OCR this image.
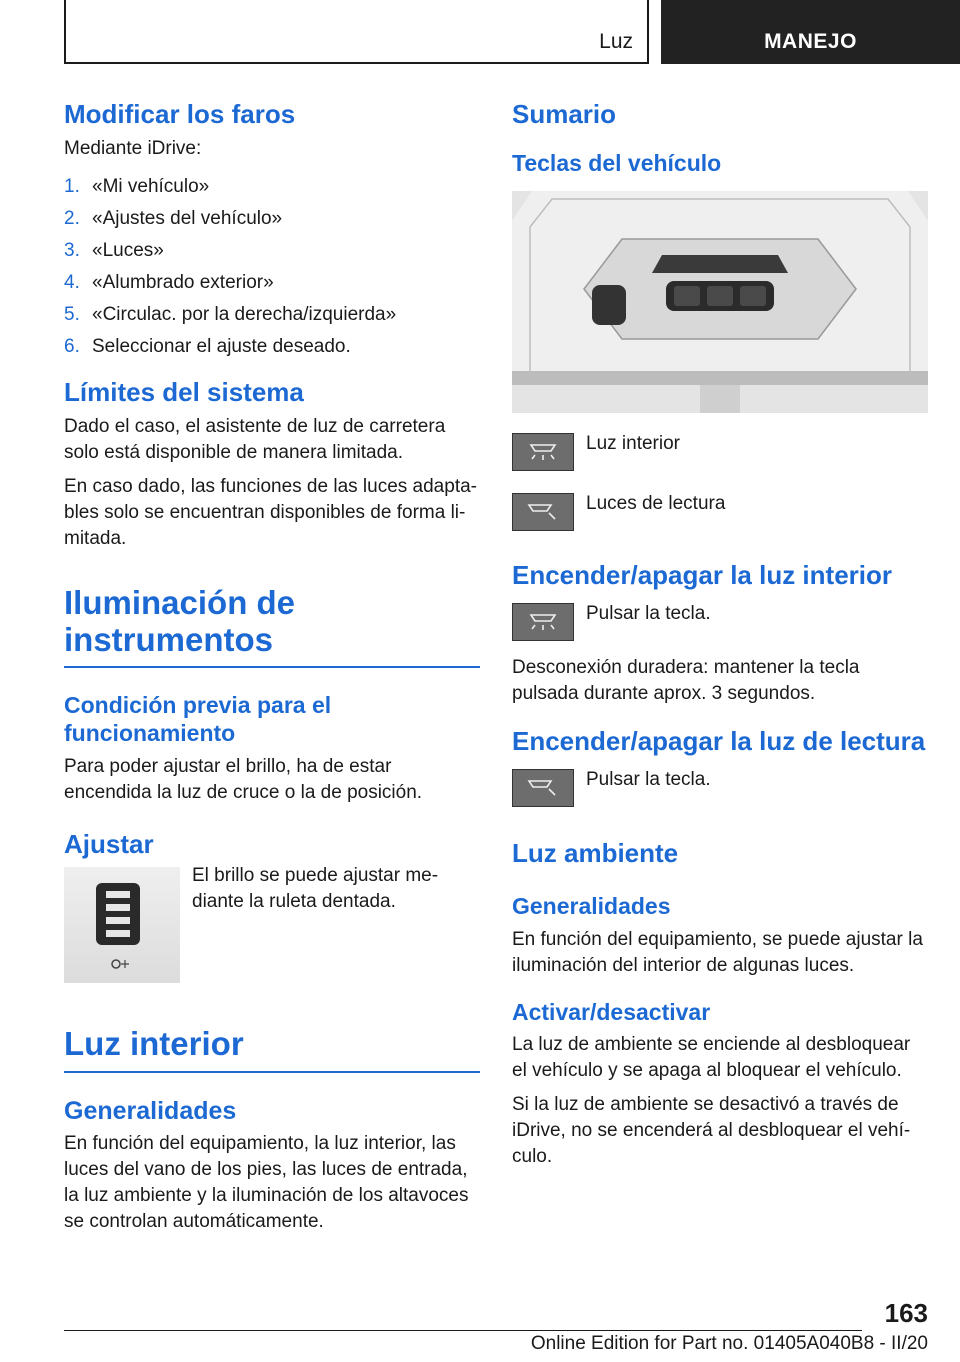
Luz	MANEJO
Modificar los faros

Mediante iDrive:

1. «Mi vehículo»
2. «Ajustes del vehículo»
3. «Luces»
4. «Alumbrado exterior»
5. «Circulac. por la derecha/izquierda»
6. Seleccionar el ajuste deseado.
Límites del sistema

Dado el caso, el asistente de luz de carretera solo está disponible de manera limitada.

En caso dado, las funciones de las luces adapta‐ bles solo se encuentran disponibles de forma li‐ mitada.

Iluminación de
instrumentos
Condición previa para el funcionamiento

Para poder ajustar el brillo, ha de estar encendida la luz de cruce o la de posición.

Ajustar

El brillo se puede ajustar me‐ diante la ruleta dentada.

Luz interior
Generalidades

En función del equipamiento, la luz interior, las luces del vano de los pies, las luces de entrada, la luz ambiente y la iluminación de los altavoces se controlan automáticamente.

Sumario
Teclas del vehículo

Luz interior

Luces de lectura

Encender/apagar la luz interior

Pulsar la tecla.

Desconexión duradera: mantener la tecla pulsada durante aprox. 3 segundos.

Encender/apagar la luz de lectura

Pulsar la tecla.

Luz ambiente
Generalidades

En función del equipamiento, se puede ajustar la iluminación del interior de algunas luces.

Activar/desactivar

La luz de ambiente se enciende al desbloquear el vehículo y se apaga al bloquear el vehículo.

Si la luz de ambiente se desactivó a través de iDrive, no se encenderá al desbloquear el vehí‐ culo.

163
Online Edition for Part no. 01405A040B8 - II/20
